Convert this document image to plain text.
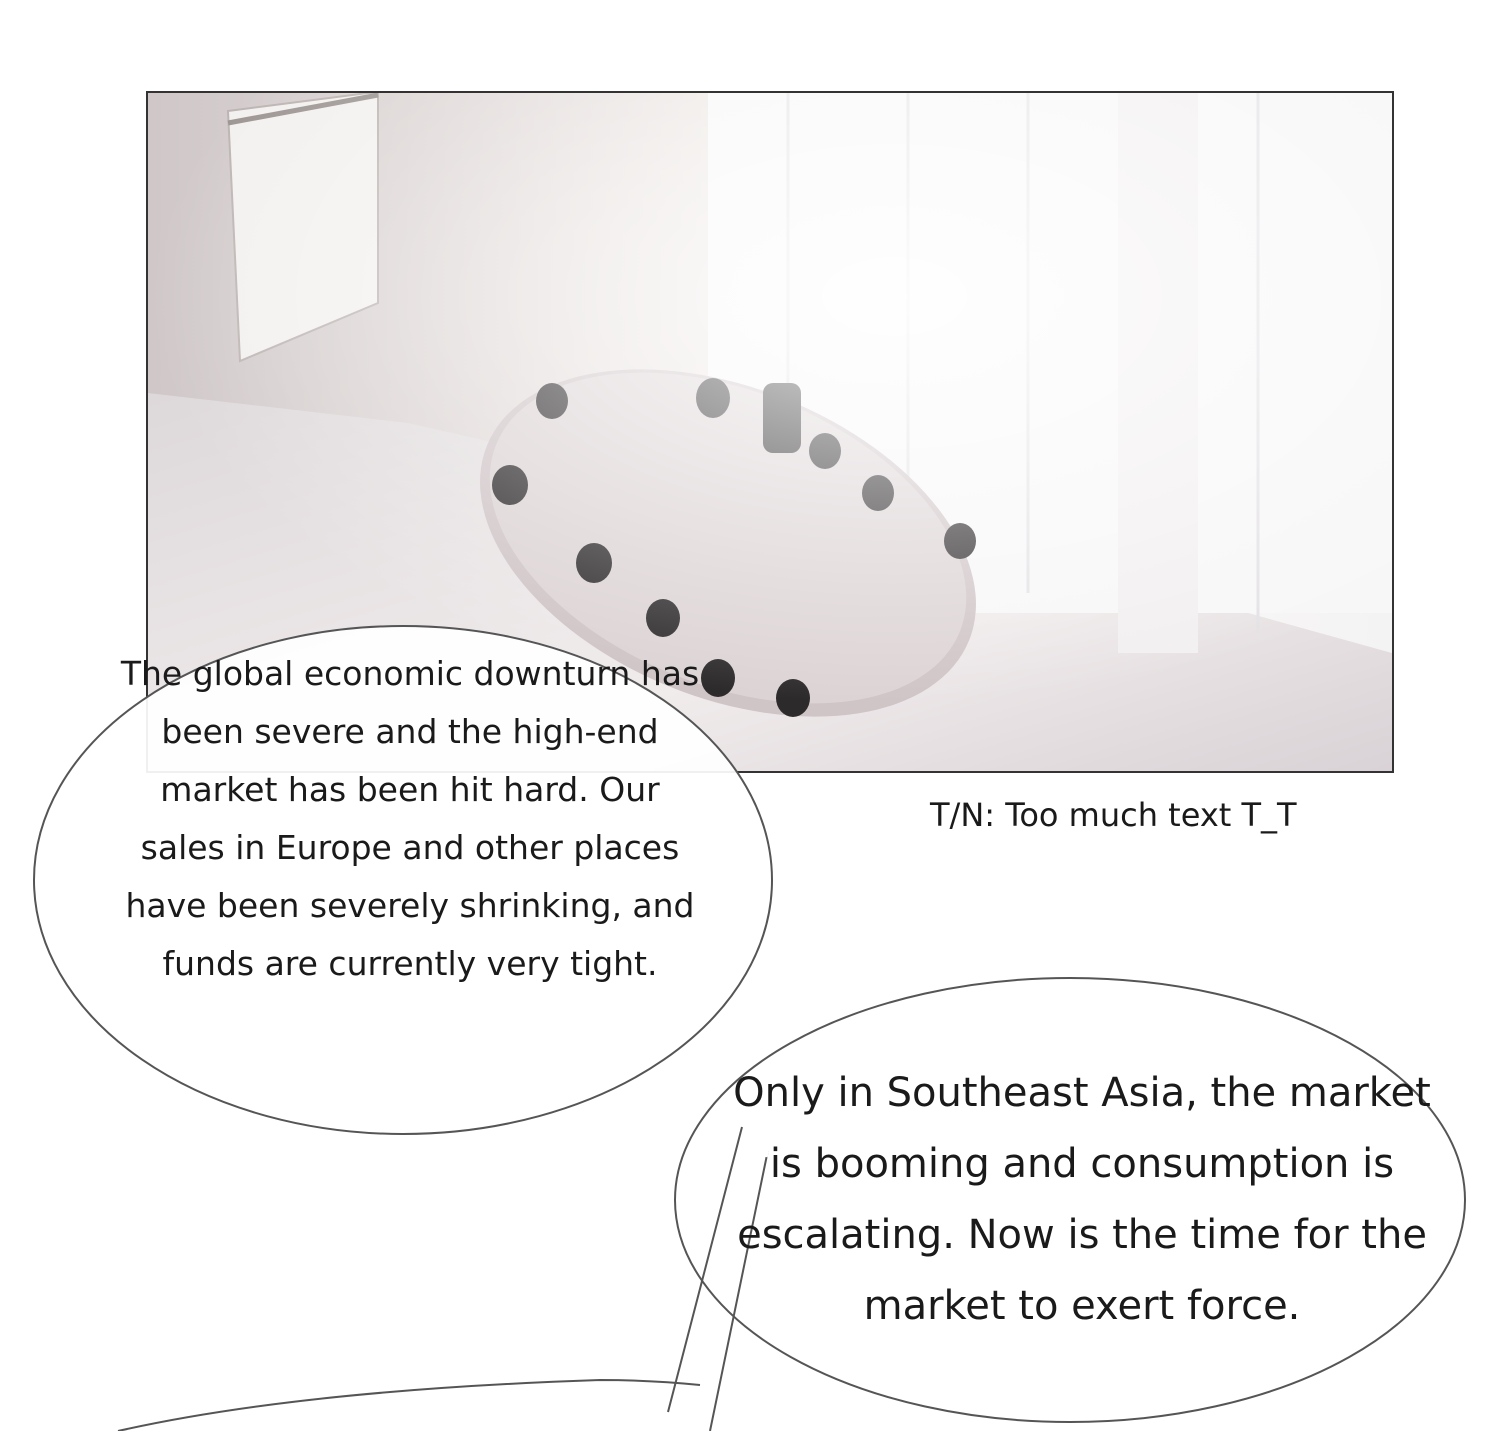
The global economic downturn has been severe and the high-end market has been hit hard. Our sales in Europe and other places have been severely shrinking, and funds are currently very tight.
Only in Southeast Asia, the market is booming and consumption is escalating. Now is the time for the market to exert force.
T/N: Too much text T_T
